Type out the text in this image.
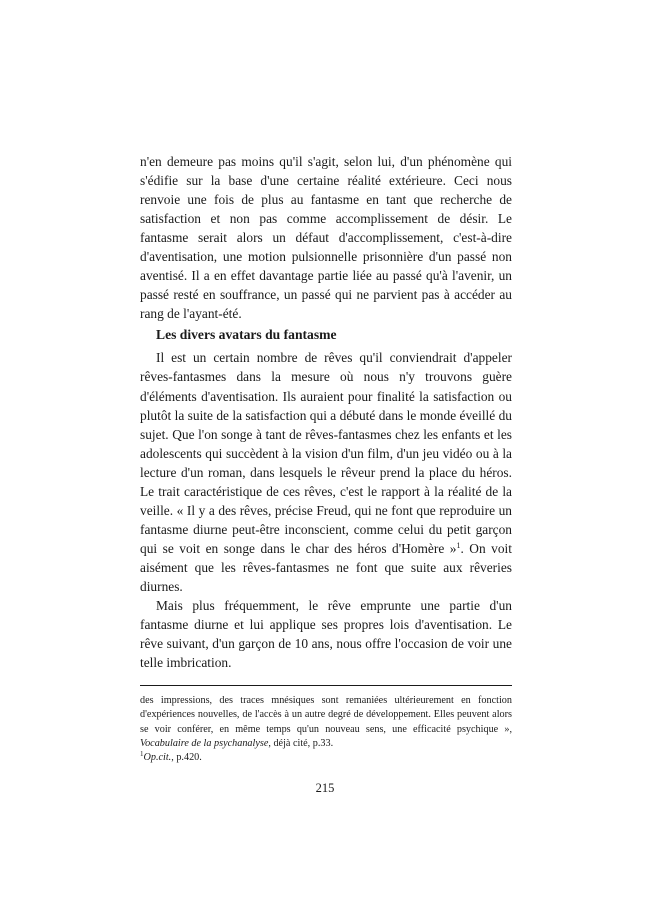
n'en demeure pas moins qu'il s'agit, selon lui, d'un phénomène qui s'édifie sur la base d'une certaine réalité extérieure. Ceci nous renvoie une fois de plus au fantasme en tant que recherche de satisfaction et non pas comme accomplissement de désir. Le fantasme serait alors un défaut d'accomplissement, c'est-à-dire d'aventisation, une motion pulsionnelle prisonnière d'un passé non aventisé. Il a en effet davantage partie liée au passé qu'à l'avenir, un passé resté en souffrance, un passé qui ne parvient pas à accéder au rang de l'ayant-été.

Les divers avatars du fantasme

Il est un certain nombre de rêves qu'il conviendrait d'appeler rêves-fantasmes dans la mesure où nous n'y trouvons guère d'éléments d'aventisation. Ils auraient pour finalité la satisfaction ou plutôt la suite de la satisfaction qui a débuté dans le monde éveillé du sujet. Que l'on songe à tant de rêves-fantasmes chez les enfants et les adolescents qui succèdent à la vision d'un film, d'un jeu vidéo ou à la lecture d'un roman, dans lesquels le rêveur prend la place du héros. Le trait caractéristique de ces rêves, c'est le rapport à la réalité de la veille. « Il y a des rêves, précise Freud, qui ne font que reproduire un fantasme diurne peut-être inconscient, comme celui du petit garçon qui se voit en songe dans le char des héros d'Homère »$^1$. On voit aisément que les rêves-fantasmes ne font que suite aux rêveries diurnes.

Mais plus fréquemment, le rêve emprunte une partie d'un fantasme diurne et lui applique ses propres lois d'aventisation. Le rêve suivant, d'un garçon de 10 ans, nous offre l'occasion de voir une telle imbrication.

des impressions, des traces mnésiques sont remaniées ultérieurement en fonction d'expériences nouvelles, de l'accès à un autre degré de développement. Elles peuvent alors se voir conférer, en même temps qu'un nouveau sens, une efficacité psychique », Vocabulaire de la psychanalyse, déjà cité, p.33.

$^1$Op.cit., p.420.

215
